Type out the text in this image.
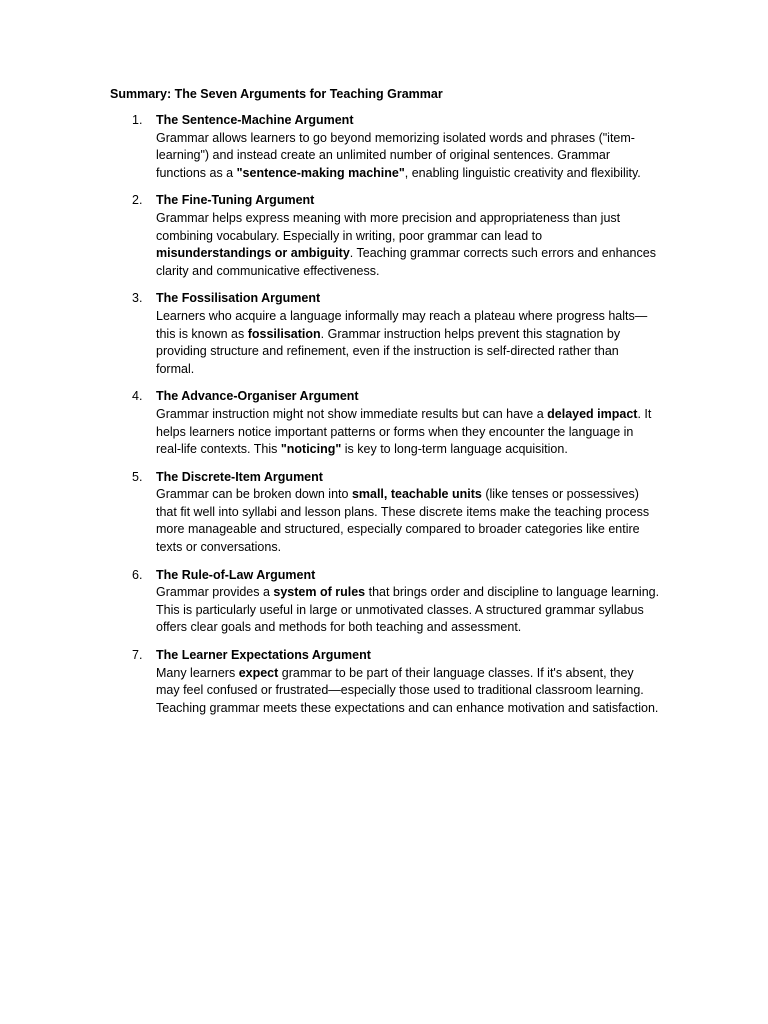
Summary: The Seven Arguments for Teaching Grammar
1. The Sentence-Machine Argument
Grammar allows learners to go beyond memorizing isolated words and phrases ("item-learning") and instead create an unlimited number of original sentences. Grammar functions as a "sentence-making machine", enabling linguistic creativity and flexibility.
2. The Fine-Tuning Argument
Grammar helps express meaning with more precision and appropriateness than just combining vocabulary. Especially in writing, poor grammar can lead to misunderstandings or ambiguity. Teaching grammar corrects such errors and enhances clarity and communicative effectiveness.
3. The Fossilisation Argument
Learners who acquire a language informally may reach a plateau where progress halts—this is known as fossilisation. Grammar instruction helps prevent this stagnation by providing structure and refinement, even if the instruction is self-directed rather than formal.
4. The Advance-Organiser Argument
Grammar instruction might not show immediate results but can have a delayed impact. It helps learners notice important patterns or forms when they encounter the language in real-life contexts. This "noticing" is key to long-term language acquisition.
5. The Discrete-Item Argument
Grammar can be broken down into small, teachable units (like tenses or possessives) that fit well into syllabi and lesson plans. These discrete items make the teaching process more manageable and structured, especially compared to broader categories like entire texts or conversations.
6. The Rule-of-Law Argument
Grammar provides a system of rules that brings order and discipline to language learning. This is particularly useful in large or unmotivated classes. A structured grammar syllabus offers clear goals and methods for both teaching and assessment.
7. The Learner Expectations Argument
Many learners expect grammar to be part of their language classes. If it's absent, they may feel confused or frustrated—especially those used to traditional classroom learning. Teaching grammar meets these expectations and can enhance motivation and satisfaction.
